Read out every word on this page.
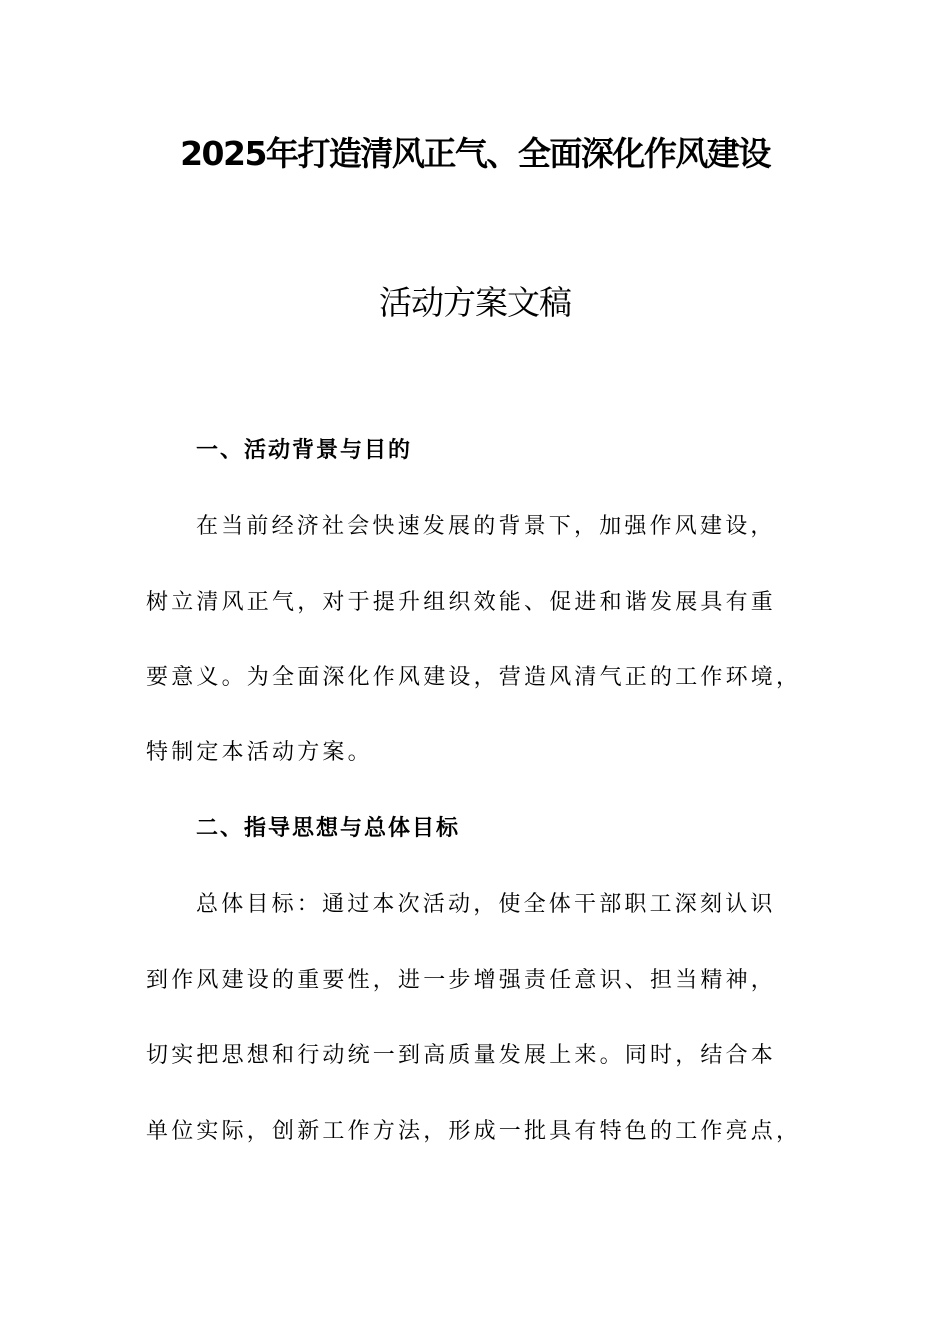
2025年打造清风正气、全面深化作风建设
活动方案文稿
一、活动背景与目的
在当前经济社会快速发展的背景下，加强作风建设，
树立清风正气，对于提升组织效能、促进和谐发展具有重
要意义。为全面深化作风建设，营造风清气正的工作环境，
特制定本活动方案。
二、指导思想与总体目标
总体目标：通过本次活动，使全体干部职工深刻认识
到作风建设的重要性，进一步增强责任意识、担当精神，
切实把思想和行动统一到高质量发展上来。同时，结合本
单位实际，创新工作方法，形成一批具有特色的工作亮点，
